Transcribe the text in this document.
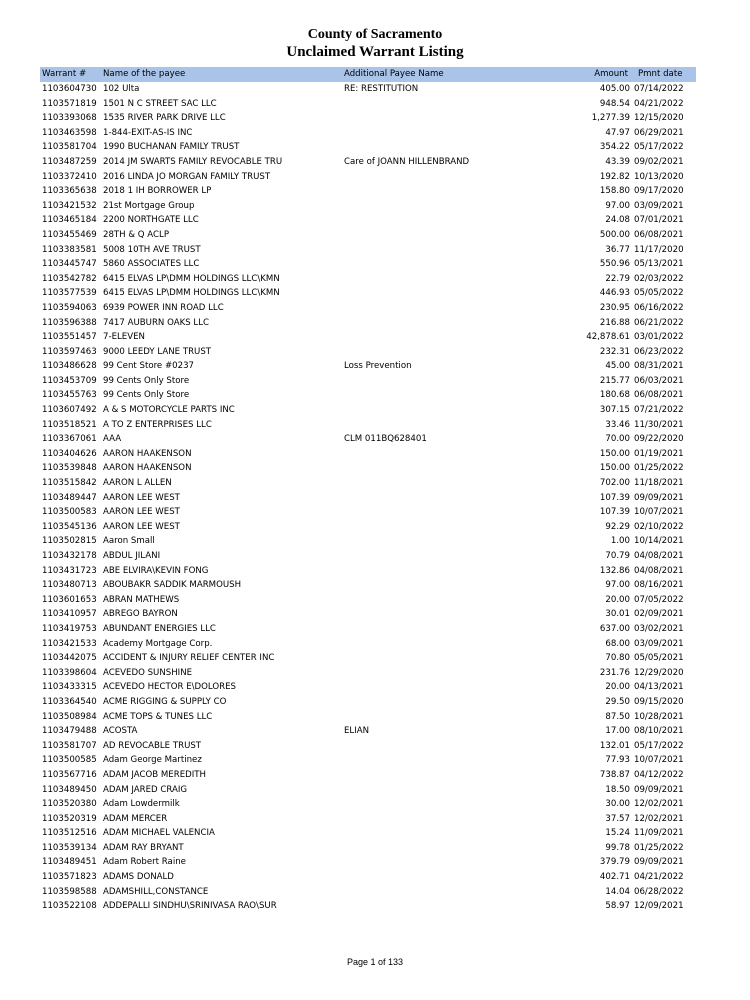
County of Sacramento
Unclaimed Warrant Listing
Warrant #	Name of the payee	Additional Payee Name	Amount	Pmnt date
1103604730 102 Ulta	RE: RESTITUTION	405.00 07/14/2022
1103571819 1501 N C STREET SAC LLC	948.54 04/21/2022
1103393068 1535 RIVER PARK DRIVE LLC	1,277.39 12/15/2020
1103463598 1-844-EXIT-AS-IS INC	47.97 06/29/2021
1103581704 1990 BUCHANAN FAMILY TRUST	354.22 05/17/2022
1103487259 2014 JM SWARTS FAMILY REVOCABLE TRU	Care of JOANN HILLENBRAND	43.39 09/02/2021
1103372410 2016 LINDA JO MORGAN FAMILY TRUST	192.82 10/13/2020
1103365638 2018 1 IH BORROWER LP	158.80 09/17/2020
1103421532 21st Mortgage Group	97.00 03/09/2021
1103465184 2200 NORTHGATE LLC	24.08 07/01/2021
1103455469 28TH & Q ACLP	500.00 06/08/2021
1103383581 5008 10TH AVE TRUST	36.77 11/17/2020
1103445747 5860 ASSOCIATES LLC	550.96 05/13/2021
1103542782 6415 ELVAS LP\DMM HOLDINGS LLC\KMN	22.79 02/03/2022
1103577539 6415 ELVAS LP\DMM HOLDINGS LLC\KMN	446.93 05/05/2022
1103594063 6939 POWER INN ROAD LLC	230.95 06/16/2022
1103596388 7417 AUBURN OAKS LLC	216.88 06/21/2022
1103551457 7-ELEVEN	42,878.61 03/01/2022
1103597463 9000 LEEDY LANE TRUST	232.31 06/23/2022
1103486628 99 Cent Store #0237	Loss Prevention	45.00 08/31/2021
1103453709 99 Cents Only Store	215.77 06/03/2021
1103455763 99 Cents Only Store	180.68 06/08/2021
1103607492 A & S MOTORCYCLE PARTS INC	307.15 07/21/2022
1103518521 A TO Z ENTERPRISES LLC	33.46 11/30/2021
1103367061 AAA	CLM 011BQ628401	70.00 09/22/2020
1103404626 AARON HAAKENSON	150.00 01/19/2021
1103539848 AARON HAAKENSON	150.00 01/25/2022
1103515842 AARON L ALLEN	702.00 11/18/2021
1103489447 AARON LEE WEST	107.39 09/09/2021
1103500583 AARON LEE WEST	107.39 10/07/2021
1103545136 AARON LEE WEST	92.29 02/10/2022
1103502815 Aaron Small	1.00 10/14/2021
1103432178 ABDUL JILANI	70.79 04/08/2021
1103431723 ABE ELVIRA\KEVIN FONG	132.86 04/08/2021
1103480713 ABOUBAKR SADDIK MARMOUSH	97.00 08/16/2021
1103601653 ABRAN MATHEWS	20.00 07/05/2022
1103410957 ABREGO BAYRON	30.01 02/09/2021
1103419753 ABUNDANT ENERGIES LLC	637.00 03/02/2021
1103421533 Academy Mortgage Corp.	68.00 03/09/2021
1103442075 ACCIDENT & INJURY RELIEF CENTER INC	70.80 05/05/2021
1103398604 ACEVEDO SUNSHINE	231.76 12/29/2020
1103433315 ACEVEDO HECTOR E\DOLORES	20.00 04/13/2021
1103364540 ACME RIGGING & SUPPLY CO	29.50 09/15/2020
1103508984 ACME TOPS & TUNES LLC	87.50 10/28/2021
1103479488 ACOSTA	ELIAN	17.00 08/10/2021
1103581707 AD REVOCABLE TRUST	132.01 05/17/2022
1103500585 Adam George Martinez	77.93 10/07/2021
1103567716 ADAM JACOB MEREDITH	738.87 04/12/2022
1103489450 ADAM JARED CRAIG	18.50 09/09/2021
1103520380 Adam Lowdermilk	30.00 12/02/2021
1103520319 ADAM MERCER	37.57 12/02/2021
1103512516 ADAM MICHAEL VALENCIA	15.24 11/09/2021
1103539134 ADAM RAY BRYANT	99.78 01/25/2022
1103489451 Adam Robert Raine	379.79 09/09/2021
1103571823 ADAMS DONALD	402.71 04/21/2022
1103598588 ADAMSHILL,CONSTANCE	14.04 06/28/2022
1103522108 ADDEPALLI SINDHU\SRINIVASA RAO\SUR	58.97 12/09/2021
Page 1 of 133
